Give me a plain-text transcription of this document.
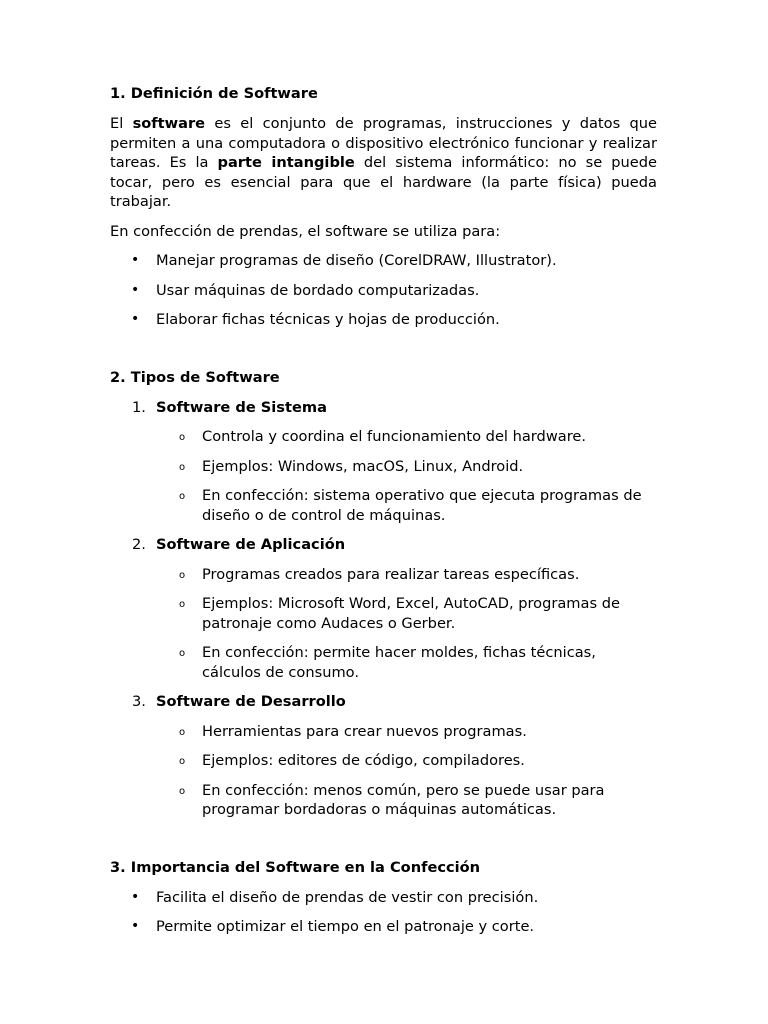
1. Definición de Software

El software es el conjunto de programas, instrucciones y datos que permiten a una computadora o dispositivo electrónico funcionar y realizar tareas. Es la parte intangible del sistema informático: no se puede tocar, pero es esencial para que el hardware (la parte física) pueda trabajar.

En confección de prendas, el software se utiliza para:

• Manejar programas de diseño (CorelDRAW, Illustrator).
• Usar máquinas de bordado computarizadas.
• Elaborar fichas técnicas y hojas de producción.
2. Tipos de Software
1. Software de Sistema
o Controla y coordina el funcionamiento del hardware.
o Ejemplos: Windows, macOS, Linux, Android.
o En confección: sistema operativo que ejecuta programas de diseño o de control de máquinas.
2. Software de Aplicación
o Programas creados para realizar tareas específicas.
o Ejemplos: Microsoft Word, Excel, AutoCAD, programas de patronaje como Audaces o Gerber.
o En confección: permite hacer moldes, fichas técnicas, cálculos de consumo.
3. Software de Desarrollo
o Herramientas para crear nuevos programas.
o Ejemplos: editores de código, compiladores.
o En confección: menos común, pero se puede usar para programar bordadoras o máquinas automáticas.
3. Importancia del Software en la Confección
• Facilita el diseño de prendas de vestir con precisión.
• Permite optimizar el tiempo en el patronaje y corte.
